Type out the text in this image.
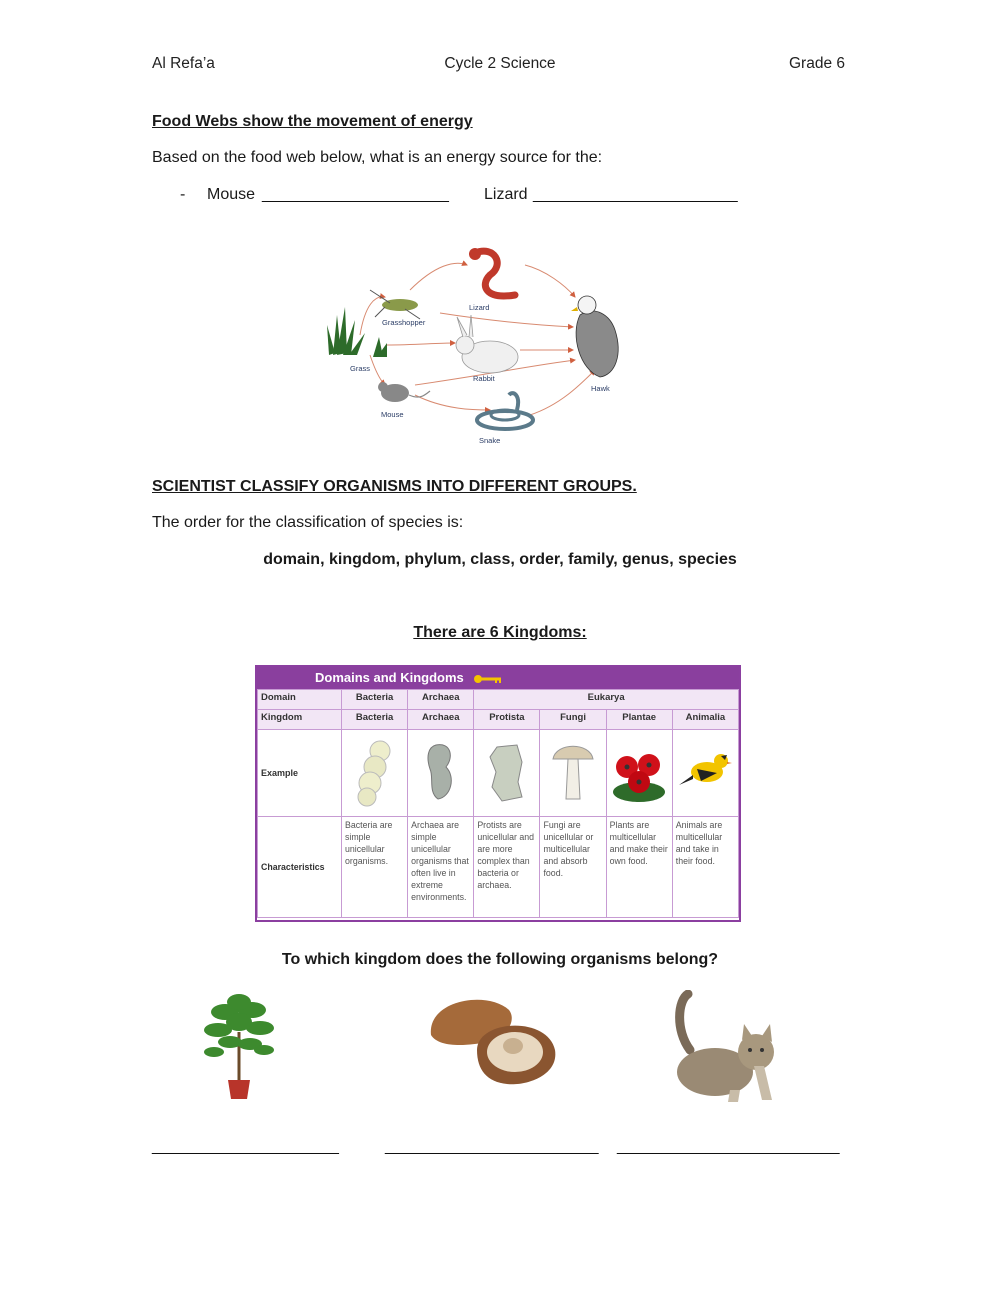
Al Refa’a	Cycle 2 Science	Grade 6
Food Webs show the movement of energy
Based on the food web below, what is an energy source for the:
- Mouse _____________________ Lizard _______________________
Lizard
Grasshopper
Grass
Rabbit
Hawk
Mouse
Snake
SCIENTIST CLASSIFY ORGANISMS INTO DIFFERENT GROUPS.
The order for the classification of species is:
domain, kingdom, phylum, class, order, family, genus, species
There are 6 Kingdoms:
Domains and Kingdoms
Domain	Bacteria	Archaea	Eukarya			
Kingdom	Bacteria	Archaea	Protista	Fungi	Plantae	Animalia
Example						
Characteristics	Bacteria are simple unicellular organisms.	Archaea are simple unicellular organisms that often live in extreme environments.	Protists are unicellular and are more complex than bacteria or archaea.	Fungi are unicellular or multicellular and absorb food.	Plants are multicellular and make their own food.	Animals are multicellular and take in their food.
To which kingdom does the following organisms belong?
_____________________	________________________ _________________________
